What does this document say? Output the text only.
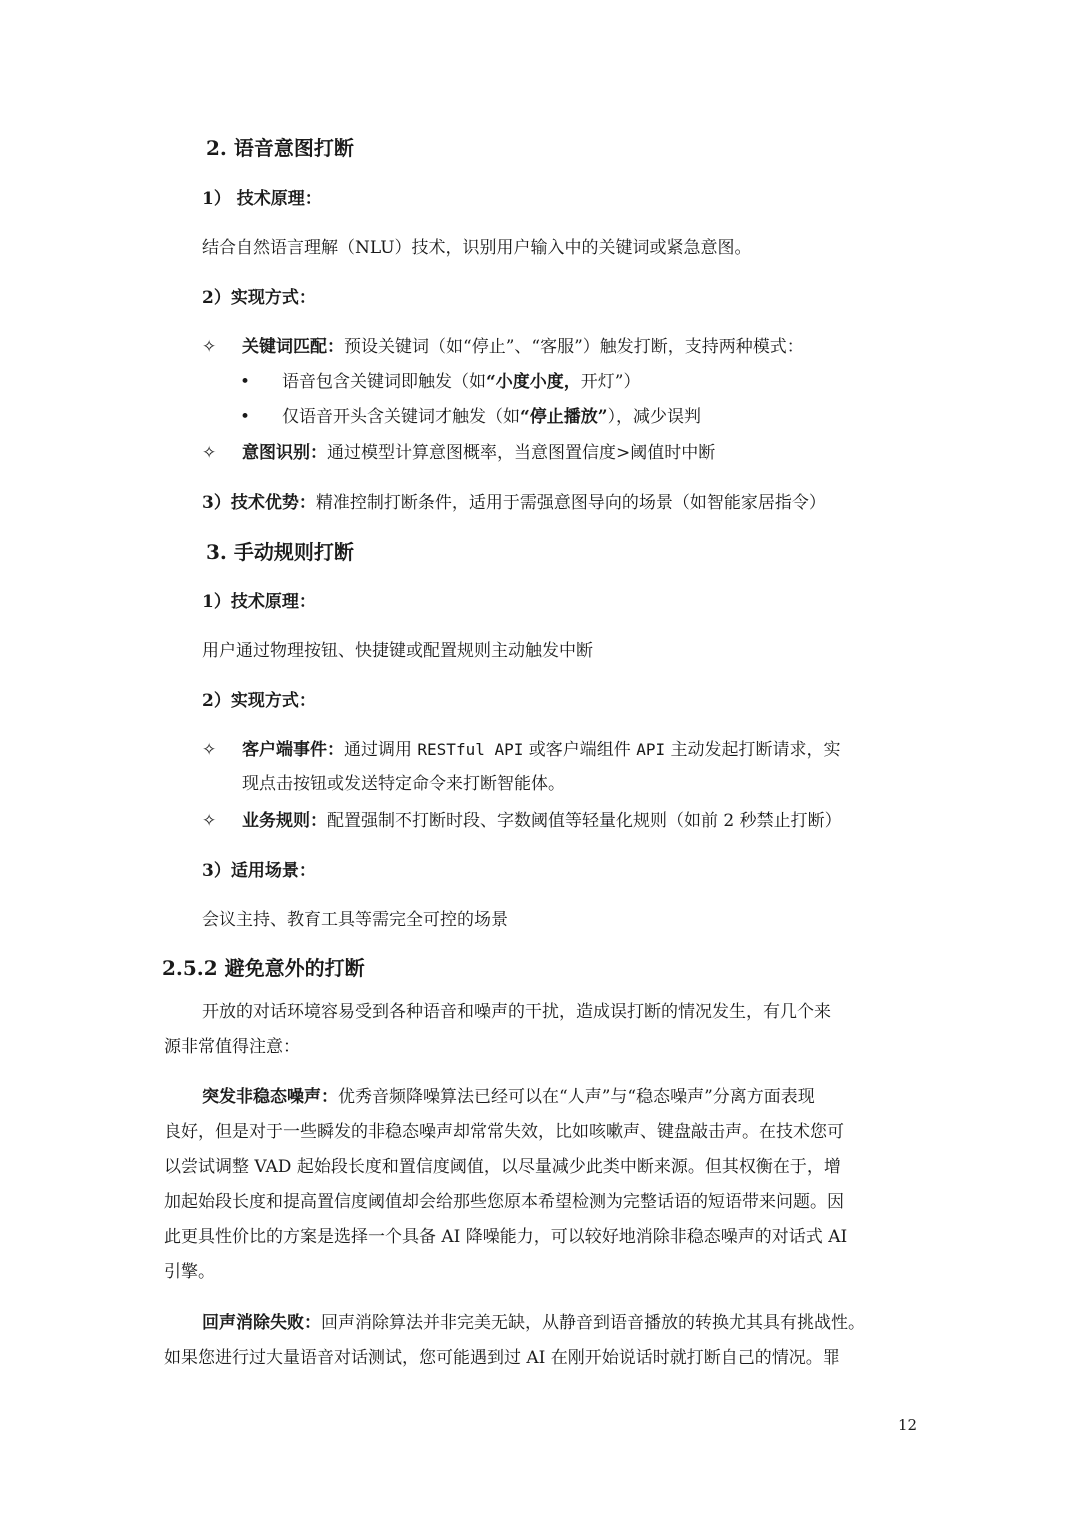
2. 语音意图打断
1） 技术原理：
结合自然语言理解（NLU）技术，识别用户输入中的关键词或紧急意图。
2）实现方式：
✧ 关键词匹配：预设关键词（如“停止”、“客服”）触发打断，支持两种模式：
• 语音包含关键词即触发（如“小度小度，开灯”）
• 仅语音开头含关键词才触发（如“停止播放”），减少误判
✧ 意图识别：通过模型计算意图概率，当意图置信度>阈值时中断
3）技术优势：精准控制打断条件，适用于需强意图导向的场景（如智能家居指令）
3. 手动规则打断
1）技术原理：
用户通过物理按钮、快捷键或配置规则主动触发中断
2）实现方式：
✧ 客户端事件：通过调用 RESTful API 或客户端组件 API 主动发起打断请求，实
现点击按钮或发送特定命令来打断智能体。
✧ 业务规则：配置强制不打断时段、字数阈值等轻量化规则（如前 2 秒禁止打断）
3）适用场景：
会议主持、教育工具等需完全可控的场景
2.5.2 避免意外的打断
开放的对话环境容易受到各种语音和噪声的干扰，造成误打断的情况发生，有几个来
源非常值得注意：
突发非稳态噪声：优秀音频降噪算法已经可以在“人声”与“稳态噪声”分离方面表现
良好，但是对于一些瞬发的非稳态噪声却常常失效，比如咳嗽声、键盘敲击声。在技术您可
以尝试调整 VAD 起始段长度和置信度阈值，以尽量减少此类中断来源。但其权衡在于，增
加起始段长度和提高置信度阈值却会给那些您原本希望检测为完整话语的短语带来问题。因
此更具性价比的方案是选择一个具备 AI 降噪能力，可以较好地消除非稳态噪声的对话式 AI
引擎。
回声消除失败：回声消除算法并非完美无缺，从静音到语音播放的转换尤其具有挑战性。
如果您进行过大量语音对话测试，您可能遇到过 AI 在刚开始说话时就打断自己的情况。罪
12
